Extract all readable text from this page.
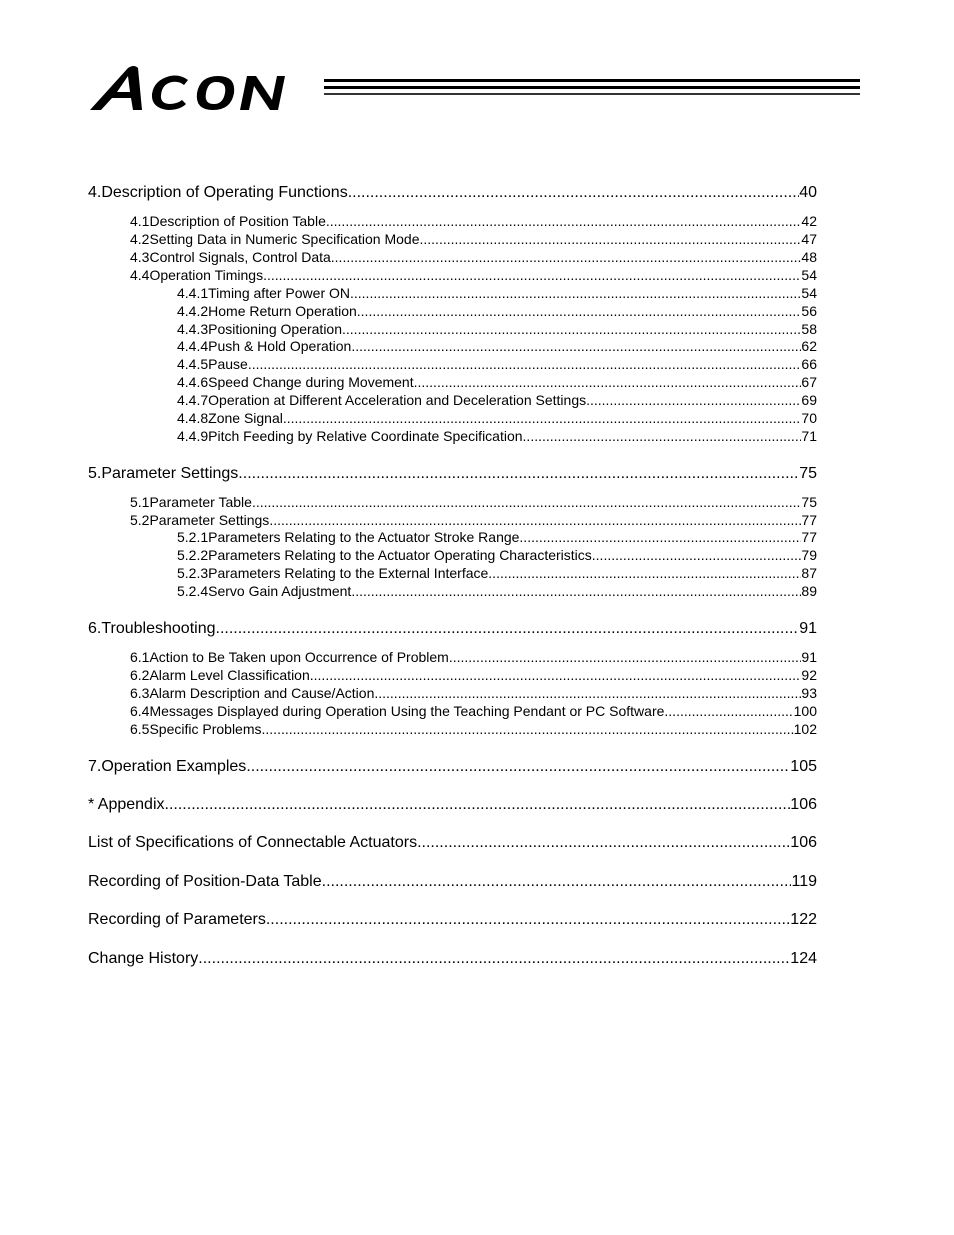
4. Description of Operating Functions .....	40
4.1 Description of Position Table .....	42
4.2 Setting Data in Numeric Specification Mode .....	47
4.3 Control Signals, Control Data .....	48
4.4 Operation Timings .....	54
4.4.1 Timing after Power ON .....	54
4.4.2 Home Return Operation .....	56
4.4.3 Positioning Operation .....	58
4.4.4 Push & Hold Operation .....	62
4.4.5 Pause .....	66
4.4.6 Speed Change during Movement .....	67
4.4.7 Operation at Different Acceleration and Deceleration Settings .....	69
4.4.8 Zone Signal .....	70
4.4.9 Pitch Feeding by Relative Coordinate Specification .....	71
5. Parameter Settings .....	75
5.1 Parameter Table .....	75
5.2 Parameter Settings .....	77
5.2.1 Parameters Relating to the Actuator Stroke Range .....	77
5.2.2 Parameters Relating to the Actuator Operating Characteristics .....	79
5.2.3 Parameters Relating to the External Interface .....	87
5.2.4 Servo Gain Adjustment .....	89
6. Troubleshooting .....	91
6.1 Action to Be Taken upon Occurrence of Problem .....	91
6.2 Alarm Level Classification .....	92
6.3 Alarm Description and Cause/Action .....	93
6.4 Messages Displayed during Operation Using the Teaching Pendant or PC Software .....	100
6.5 Specific Problems .....	102
7. Operation Examples .....	105
* Appendix .....	106
List of Specifications of Connectable Actuators .....	106
Recording of Position-Data Table .....	119
Recording of Parameters .....	122
Change History .....	124
